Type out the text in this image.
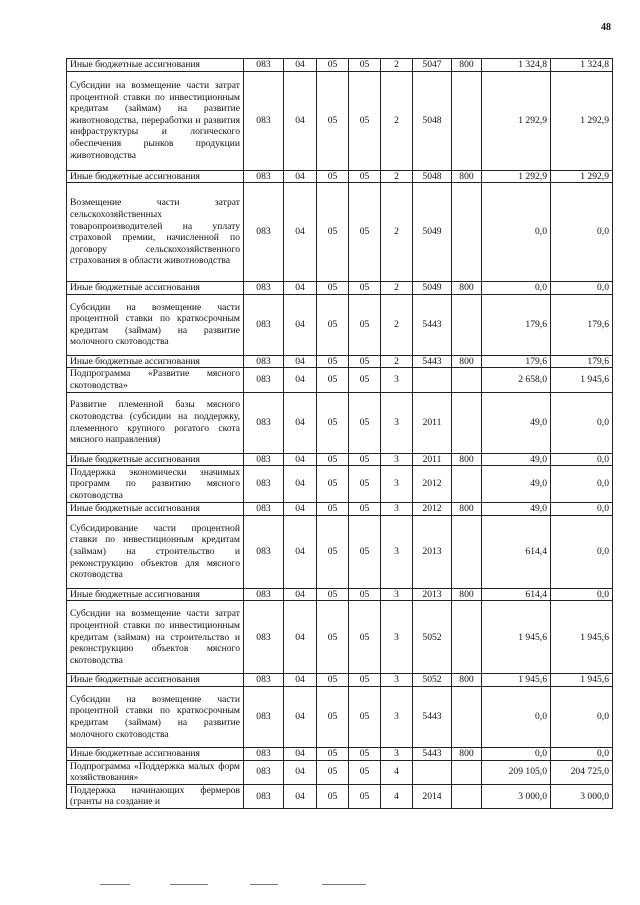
48
Иные бюджетные ассигнования	083	04	05	05	2	5047	800	1 324,8	1 324,8
Субсидии на возмещение части затрат процентной ставки по инвестиционным кредитам (займам) на развитие животноводства, переработки и развития инфраструктуры и логического обеспечения рынков продукции животноводства	083	04	05	05	2	5048		1 292,9	1 292,9
Иные бюджетные ассигнования	083	04	05	05	2	5048	800	1 292,9	1 292,9
Возмещение части затрат сельскохозяйственных товаропроизводителей на уплату страховой премии, начисленной по договору сельскохозяйственного страхования в области животноводства	083	04	05	05	2	5049		0,0	0,0
Иные бюджетные ассигнования	083	04	05	05	2	5049	800	0,0	0,0
Субсидии на возмещение части процентной ставки по краткосрочным кредитам (займам) на развитие молочного скотоводства	083	04	05	05	2	5443		179,6	179,6
Иные бюджетные ассигнования	083	04	05	05	2	5443	800	179,6	179,6
Подпрограмма «Развитие мясного скотоводства»	083	04	05	05	3			2 658,0	1 945,6
Развитие племенной базы мясного скотоводства (субсидии на поддержку, племенного крупного рогатого скота мясного направления)	083	04	05	05	3	2011		49,0	0,0
Иные бюджетные ассигнования	083	04	05	05	3	2011	800	49,0	0,0
Поддержка экономически значимых программ по развитию мясного скотоводства	083	04	05	05	3	2012		49,0	0,0
Иные бюджетные ассигнования	083	04	05	05	3	2012	800	49,0	0,0
Субсидирование части процентной ставки по инвестиционным кредитам (займам) на строительство и реконструкцию объектов для мясного скотоводства	083	04	05	05	3	2013		614,4	0,0
Иные бюджетные ассигнования	083	04	05	05	3	2013	800	614,4	0,0
Субсидии на возмещение части затрат процентной ставки по инвестиционным кредитам (займам) на строительство и реконструкцию объектов мясного скотоводства	083	04	05	05	3	5052		1 945,6	1 945,6
Иные бюджетные ассигнования	083	04	05	05	3	5052	800	1 945,6	1 945,6
Субсидии на возмещение части процентной ставки по краткосрочным кредитам (займам) на развитие молочного скотоводства	083	04	05	05	3	5443		0,0	0,0
Иные бюджетные ассигнования	083	04	05	05	3	5443	800	0,0	0,0
Подпрограмма «Поддержка малых форм хозяйствования»	083	04	05	05	4			209 105,0	204 725,0
Поддержка начинающих фермеров (гранты на создание и	083	04	05	05	4	2014		3 000,0	3 000,0
